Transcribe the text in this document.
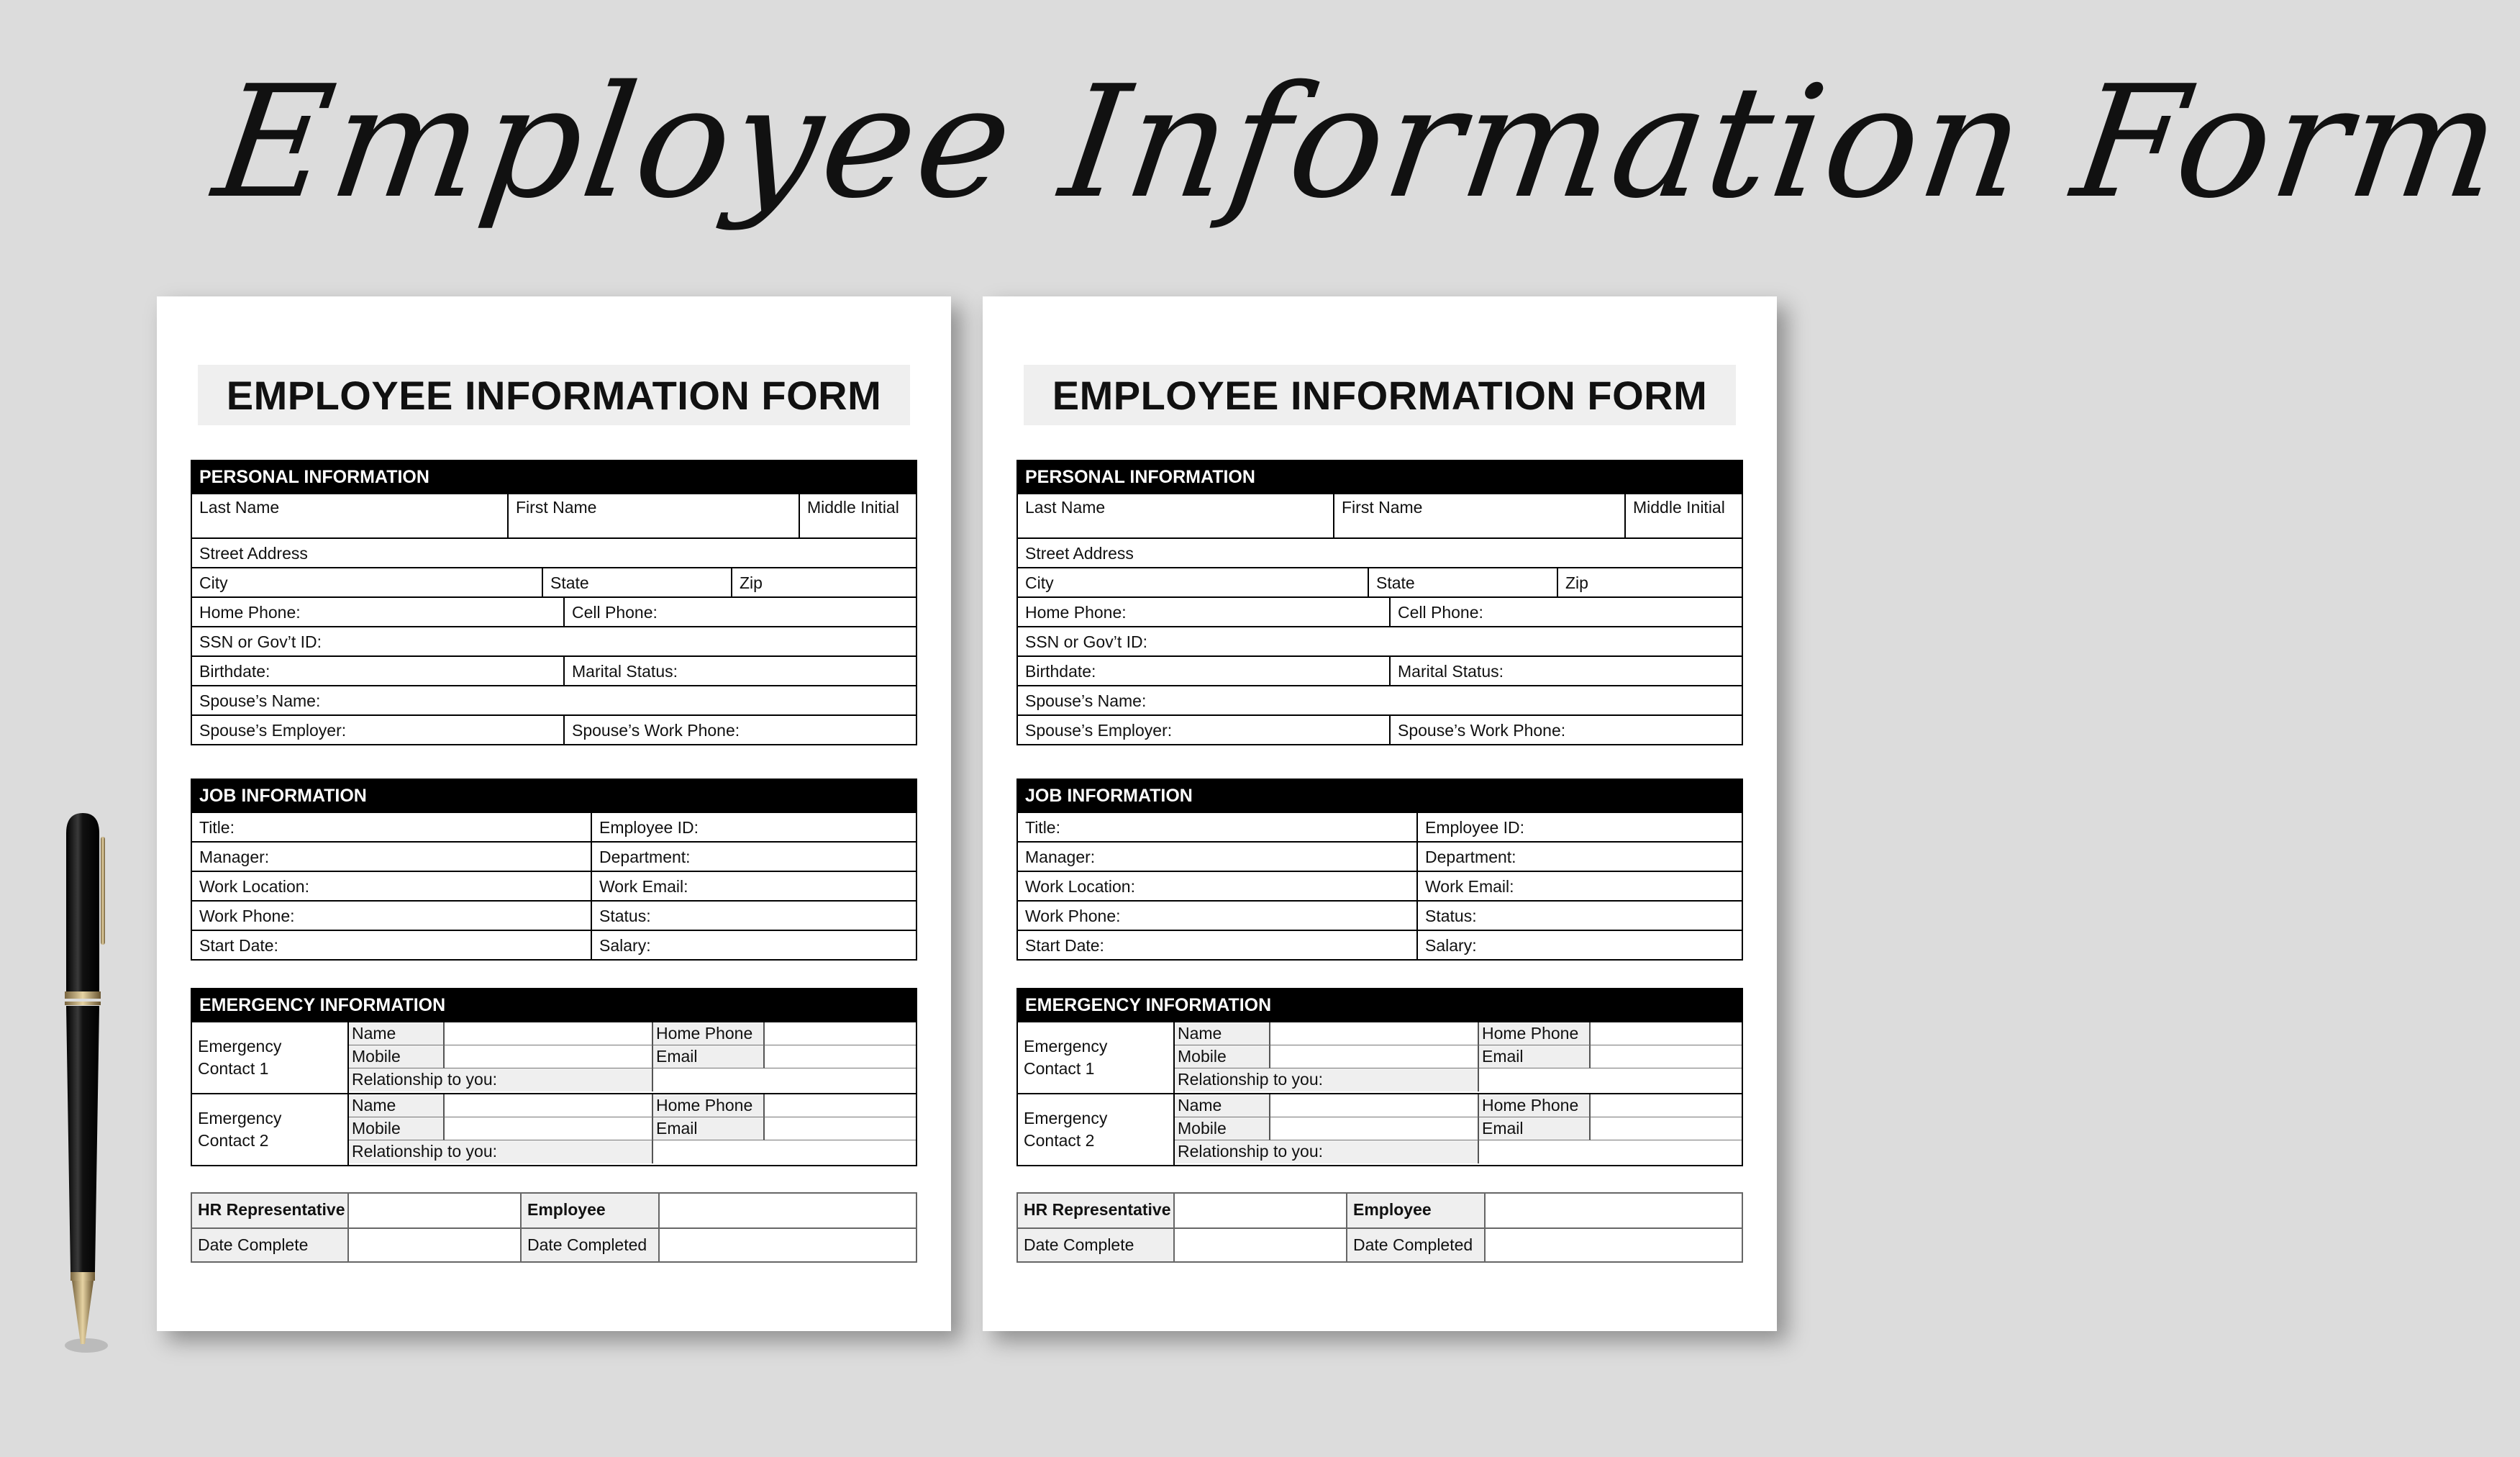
Employee Information Form
EMPLOYEE INFORMATION FORM
PERSONAL INFORMATION
Last Name	First Name	Middle Initial
Street Address
City	State	Zip
Home Phone:	Cell Phone:
SSN or Gov’t ID:
Birthdate:	Marital Status:
Spouse’s Name:
Spouse’s Employer:	Spouse’s Work Phone:
JOB INFORMATION
Title:	Employee ID:
Manager:	Department:
Work Location:	Work Email:
Work Phone:	Status:
Start Date:	Salary:
EMERGENCY INFORMATION
Emergency Contact 1
Name	Home Phone
Mobile	Email
Relationship to you:
Emergency Contact 2
Name	Home Phone
Mobile	Email
Relationship to you:
HR Representative	Employee
Date Complete	Date Completed
EMPLOYEE INFORMATION FORM
PERSONAL INFORMATION
Last Name	First Name	Middle Initial
Street Address
City	State	Zip
Home Phone:	Cell Phone:
SSN or Gov’t ID:
Birthdate:	Marital Status:
Spouse’s Name:
Spouse’s Employer:	Spouse’s Work Phone:
JOB INFORMATION
Title:	Employee ID:
Manager:	Department:
Work Location:	Work Email:
Work Phone:	Status:
Start Date:	Salary:
EMERGENCY INFORMATION
Emergency Contact 1
Name	Home Phone
Mobile	Email
Relationship to you:
Emergency Contact 2
Name	Home Phone
Mobile	Email
Relationship to you:
HR Representative	Employee
Date Complete	Date Completed
